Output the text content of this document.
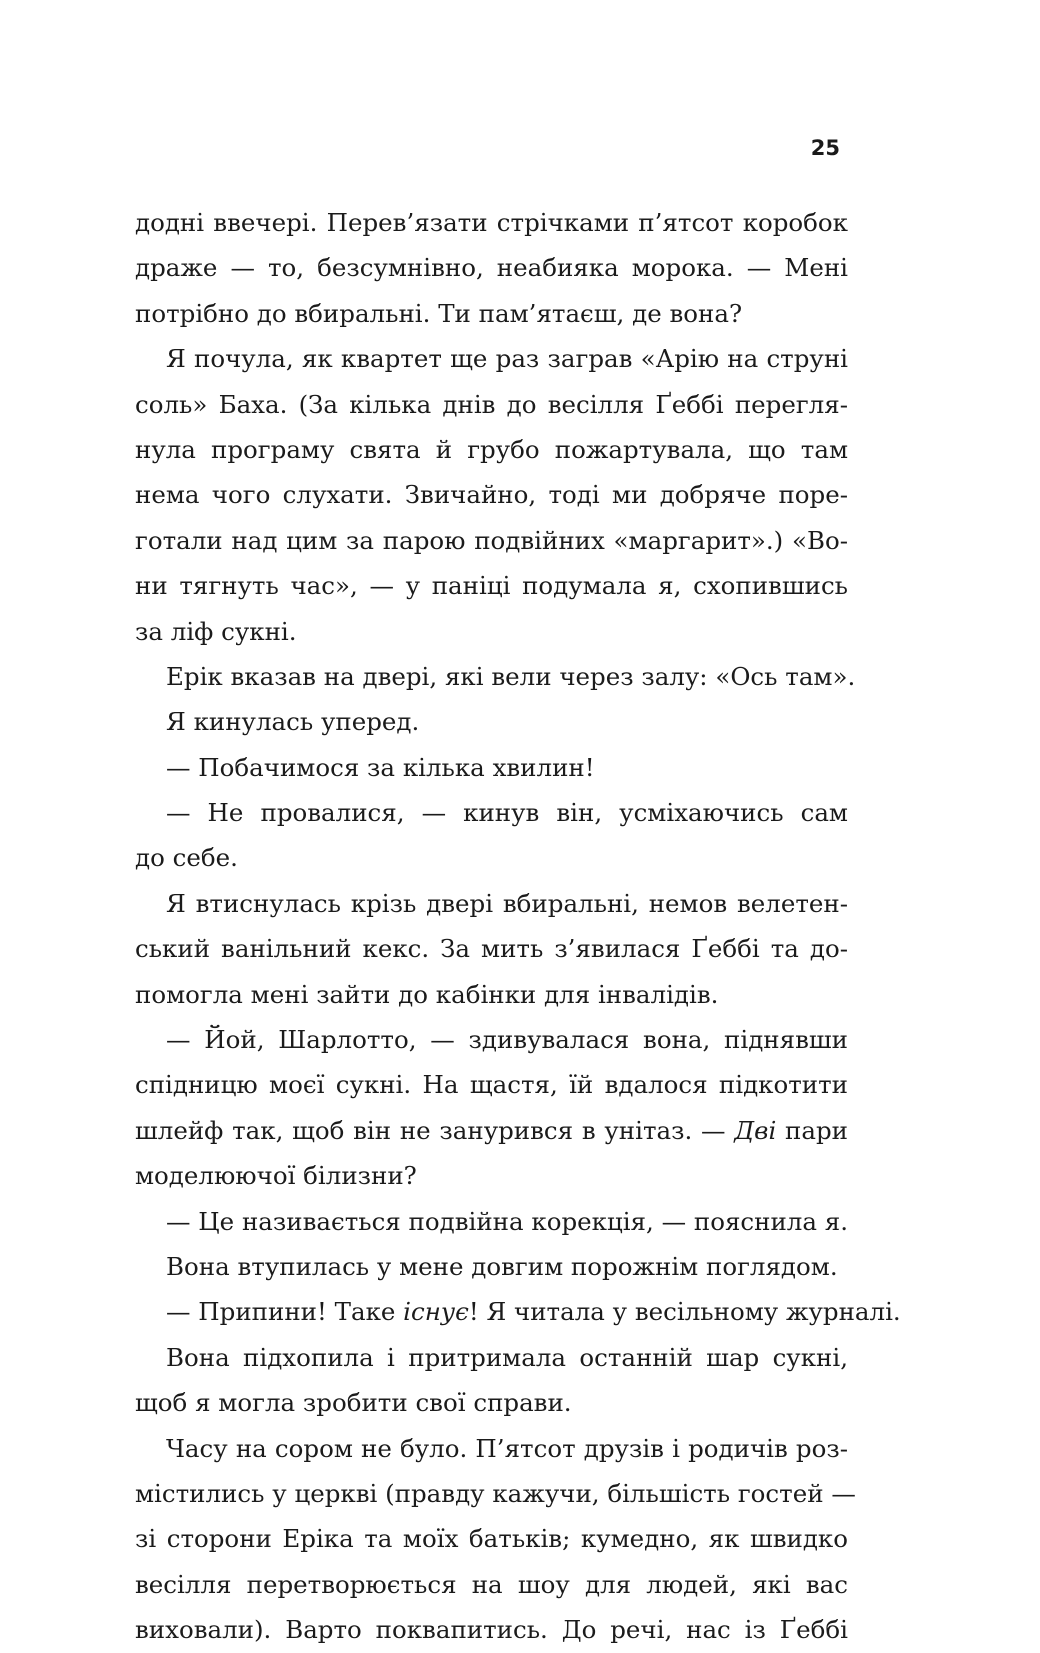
25
додні ввечері. Перев’язати стрічками п’ятсот коробок
драже — то, безсумнівно, неабияка морока. — Мені
потрібно до вбиральні. Ти пам’ятаєш, де вона?
Я почула, як квартет ще раз заграв «Арію на струні
соль» Баха. (За кілька днів до весілля Ґеббі перегля-
нула програму свята й грубо пожартувала, що там
нема чого слухати. Звичайно, тоді ми добряче поре-
готали над цим за парою подвійних «маргарит».) «Во-
ни тягнуть час», — у паніці подумала я, схопившись
за ліф сукні.
Ерік вказав на двері, які вели через залу: «Ось там».
Я кинулась уперед.
— Побачимося за кілька хвилин!
— Не провалися, — кинув він, усміхаючись сам
до себе.
Я втиснулась крізь двері вбиральні, немов велетен-
ський ванільний кекс. За мить з’явилася Ґеббі та до-
помогла мені зайти до кабінки для інвалідів.
— Йой, Шарлотто, — здивувалася вона, піднявши
спідницю моєї сукні. На щастя, їй вдалося підкотити
шлейф так, щоб він не занурився в унітаз. — Дві пари
моделюючої білизни?
— Це називається подвійна корекція, — пояснила я.
Вона втупилась у мене довгим порожнім поглядом.
— Припини! Таке існує! Я читала у весільному журналі.
Вона підхопила і притримала останній шар сукні,
щоб я могла зробити свої справи.
Часу на сором не було. П’ятсот друзів і родичів роз-
містились у церкві (правду кажучи, більшість гостей —
зі сторони Еріка та моїх батьків; кумедно, як швидко
весілля перетворюється на шоу для людей, які вас
виховали). Варто поквапитись. До речі, нас із Ґеббі
